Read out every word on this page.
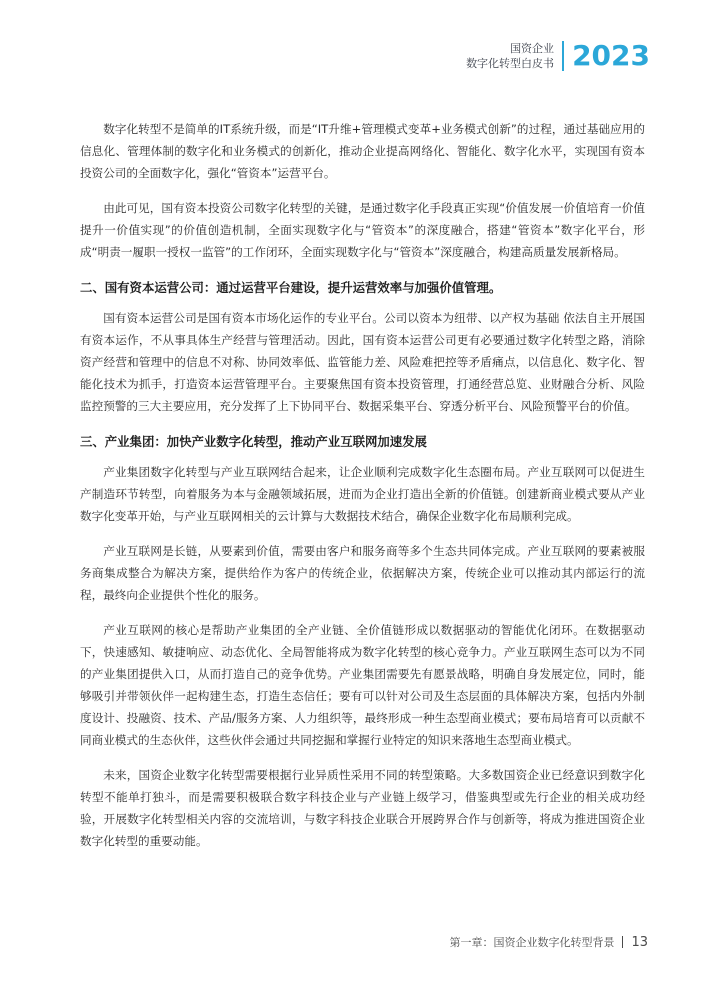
国资企业
数字化转型白皮书 2023

数字化转型不是简单的IT系统升级，而是“IT升维+管理模式变革+业务模式创新”的过程，通过基础应用的信息化、管理体制的数字化和业务模式的创新化，推动企业提高网络化、智能化、数字化水平，实现国有资本投资公司的全面数字化，强化“管资本”运营平台。

由此可见，国有资本投资公司数字化转型的关键，是通过数字化手段真正实现“价值发展一价值培育一价值提升一价值实现”的价值创造机制，全面实现数字化与“管资本”的深度融合，搭建“管资本”数字化平台，形成“明责一履职一授权一监管”的工作闭环，全面实现数字化与“管资本”深度融合，构建高质量发展新格局。

二、国有资本运营公司：通过运营平台建设，提升运营效率与加强价值管理。

国有资本运营公司是国有资本市场化运作的专业平台。公司以资本为纽带、以产权为基础 依法自主开展国有资本运作，不从事具体生产经营与管理活动。因此，国有资本运营公司更有必要通过数字化转型之路，消除资产经营和管理中的信息不对称、协同效率低、监管能力差、风险难把控等矛盾痛点，以信息化、数字化、智能化技术为抓手，打造资本运营管理平台。主要聚焦国有资本投资管理，打通经营总览、业财融合分析、风险监控预警的三大主要应用，充分发挥了上下协同平台、数据采集平台、穿透分析平台、风险预警平台的价值。

三、产业集团：加快产业数字化转型，推动产业互联网加速发展

产业集团数字化转型与产业互联网结合起来，让企业顺利完成数字化生态圈布局。产业互联网可以促进生产制造环节转型，向着服务为本与金融领域拓展，进而为企业打造出全新的价值链。创建新商业模式要从产业数字化变革开始，与产业互联网相关的云计算与大数据技术结合，确保企业数字化布局顺利完成。

产业互联网是长链，从要素到价值，需要由客户和服务商等多个生态共同体完成。产业互联网的要素被服务商集成整合为解决方案，提供给作为客户的传统企业，依据解决方案，传统企业可以推动其内部运行的流程，最终向企业提供个性化的服务。

产业互联网的核心是帮助产业集团的全产业链、全价值链形成以数据驱动的智能优化闭环。在数据驱动下，快速感知、敏捷响应、动态优化、全局智能将成为数字化转型的核心竞争力。产业互联网生态可以为不同的产业集团提供入口，从而打造自己的竞争优势。产业集团需要先有愿景战略，明确自身发展定位，同时，能够吸引并带领伙伴一起构建生态，打造生态信任；要有可以针对公司及生态层面的具体解决方案，包括内外制度设计、投融资、技术、产品/服务方案、人力组织等，最终形成一种生态型商业模式；要布局培育可以贡献不同商业模式的生态伙伴，这些伙伴会通过共同挖掘和掌握行业特定的知识来落地生态型商业模式。

未来，国资企业数字化转型需要根据行业异质性采用不同的转型策略。大多数国资企业已经意识到数字化转型不能单打独斗，而是需要积极联合数字科技企业与产业链上级学习，借鉴典型或先行企业的相关成功经验，开展数字化转型相关内容的交流培训，与数字科技企业联合开展跨界合作与创新等，将成为推进国资企业数字化转型的重要动能。

第一章：国资企业数字化转型背景 13
